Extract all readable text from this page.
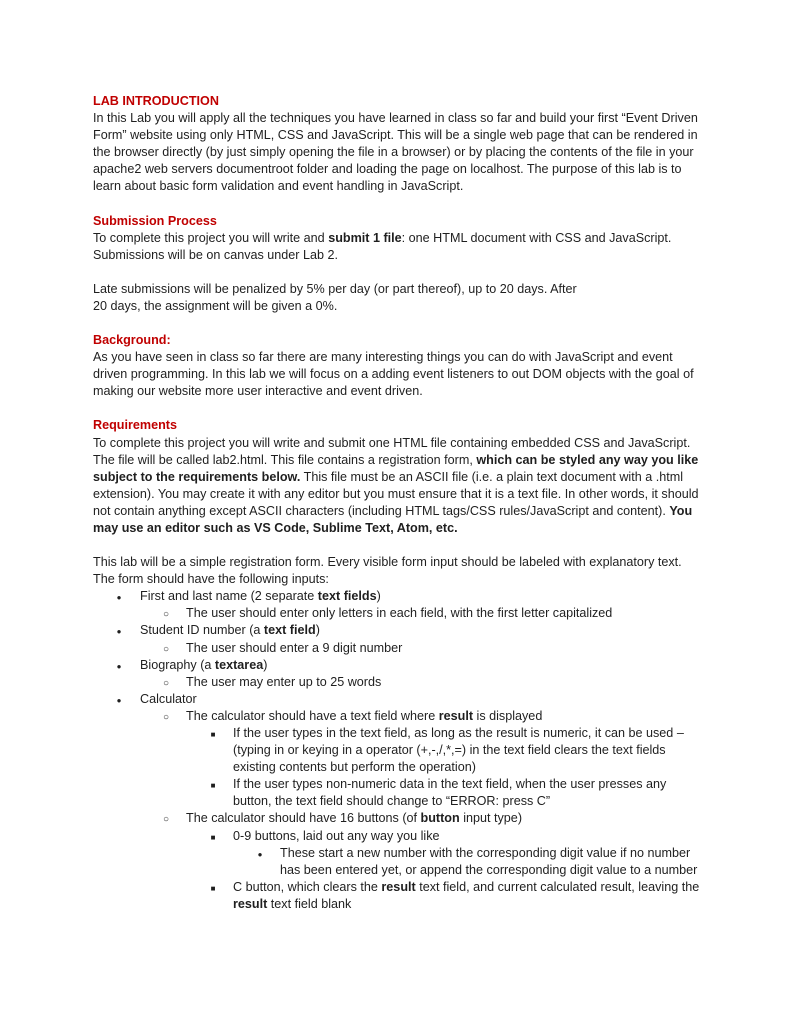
LAB INTRODUCTION

In this Lab you will apply all the techniques you have learned in class so far and build your first “Event Driven Form” website using only HTML, CSS and JavaScript. This will be a single web page that can be rendered in the browser directly (by just simply opening the file in a browser) or by placing the contents of the file in your apache2 web servers documentroot folder and loading the page on localhost. The purpose of this lab is to learn about basic form validation and event handling in JavaScript.

Submission Process

To complete this project you will write and submit 1 file: one HTML document with CSS and JavaScript. Submissions will be on canvas under Lab 2.

Late submissions will be penalized by 5% per day (or part thereof), up to 20 days. After
20 days, the assignment will be given a 0%.

Background:

As you have seen in class so far there are many interesting things you can do with JavaScript and event driven programming. In this lab we will focus on a adding event listeners to out DOM objects with the goal of making our website more user interactive and event driven.

Requirements

To complete this project you will write and submit one HTML file containing embedded CSS and JavaScript. The file will be called lab2.html. This file contains a registration form, which can be styled any way you like subject to the requirements below. This file must be an ASCII file (i.e. a plain text document with a .html extension). You may create it with any editor but you must ensure that it is a text file. In other words, it should not contain anything except ASCII characters (including HTML tags/CSS rules/JavaScript and content). You may use an editor such as VS Code, Sublime Text, Atom, etc.

This lab will be a simple registration form. Every visible form input should be labeled with explanatory text.
The form should have the following inputs:

●
First and last name (2 separate text fields)
○
The user should enter only letters in each field, with the first letter capitalized
●
Student ID number (a text field)
○
The user should enter a 9 digit number
●
Biography (a textarea)
○
The user may enter up to 25 words
●
Calculator
○
The calculator should have a text field where result is displayed
■
If the user types in the text field, as long as the result is numeric, it can be used – (typing in or keying in a operator (+,-,/,*,=) in the text field clears the text fields existing contents but perform the operation)
■
If the user types non-numeric data in the text field, when the user presses any button, the text field should change to “ERROR: press C”
○
The calculator should have 16 buttons (of button input type)
■
0-9 buttons, laid out any way you like
●
These start a new number with the corresponding digit value if no number has been entered yet, or append the corresponding digit value to a number
■
C button, which clears the result text field, and current calculated result, leaving the result text field blank
